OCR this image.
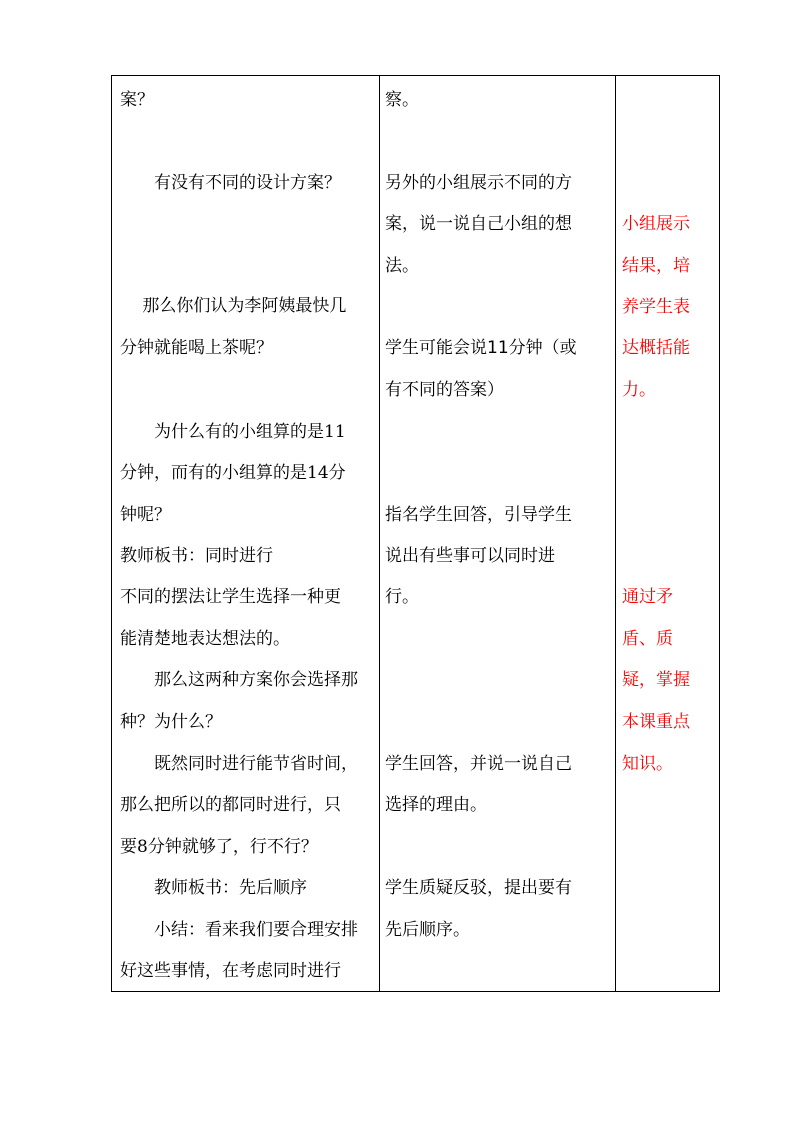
案？
　　有没有不同的设计方案？
　 那么你们认为李阿姨最快几
分钟就能喝上茶呢？
　　为什么有的小组算的是11
分钟，而有的小组算的是14分
钟呢？
教师板书：同时进行
不同的摆法让学生选择一种更
能清楚地表达想法的。
　　那么这两种方案你会选择那
种？为什么？
　　既然同时进行能节省时间，
那么把所以的都同时进行，只
要8分钟就够了，行不行？
　　教师板书：先后顺序
　　小结：看来我们要合理安排
好这些事情，在考虑同时进行
察。
另外的小组展示不同的方
案，说一说自己小组的想
法。
学生可能会说11分钟（或
有不同的答案）
指名学生回答，引导学生
说出有些事可以同时进
行。
学生回答，并说一说自己
选择的理由。
学生质疑反驳，提出要有
先后顺序。
小组展示
结果，培
养学生表
达概括能
力。
通过矛
盾、质
疑，掌握
本课重点
知识。
